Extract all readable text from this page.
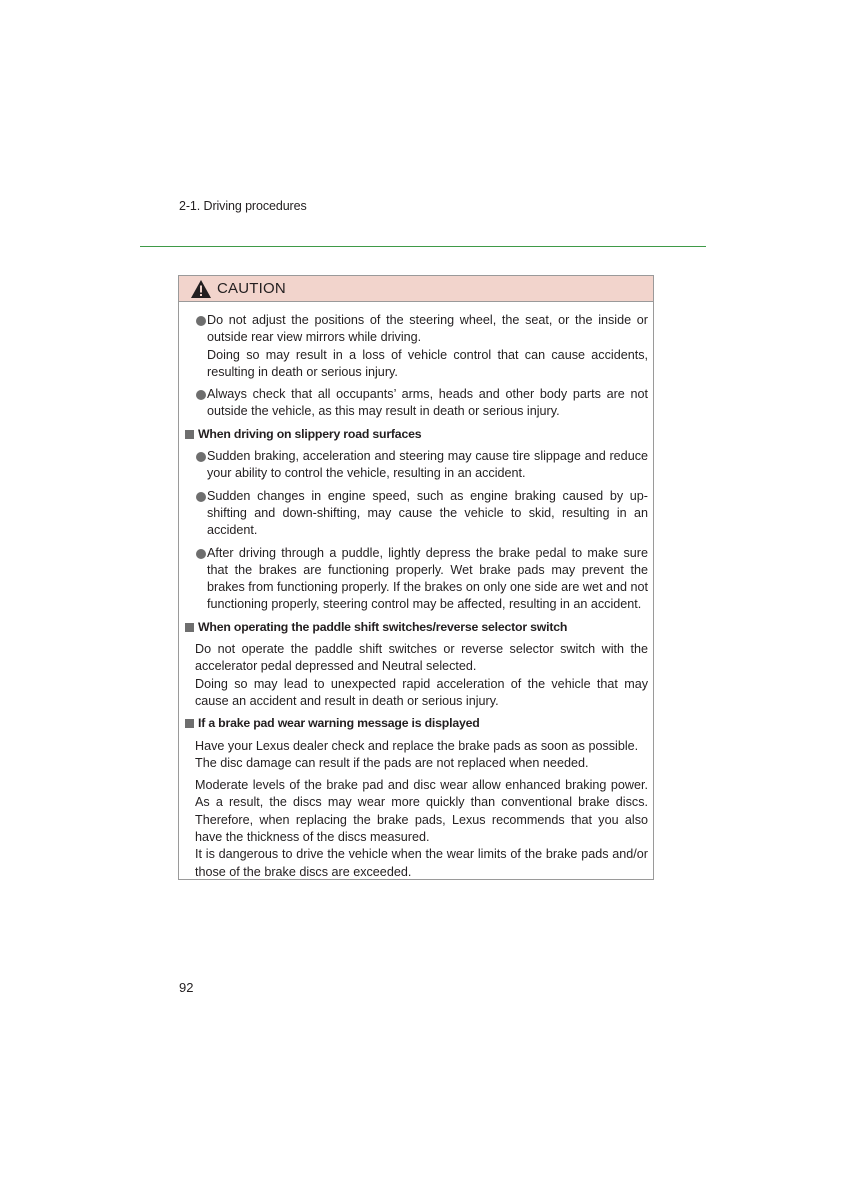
2-1. Driving procedures
CAUTION
Do not adjust the positions of the steering wheel, the seat, or the inside or outside rear view mirrors while driving.
Doing so may result in a loss of vehicle control that can cause accidents, resulting in death or serious injury.
Always check that all occupants’ arms, heads and other body parts are not outside the vehicle, as this may result in death or serious injury.
When driving on slippery road surfaces
Sudden braking, acceleration and steering may cause tire slippage and reduce your ability to control the vehicle, resulting in an accident.
Sudden changes in engine speed, such as engine braking caused by up-shifting and down-shifting, may cause the vehicle to skid, resulting in an accident.
After driving through a puddle, lightly depress the brake pedal to make sure that the brakes are functioning properly. Wet brake pads may prevent the brakes from functioning properly. If the brakes on only one side are wet and not functioning properly, steering control may be affected, resulting in an accident.
When operating the paddle shift switches/reverse selector switch
Do not operate the paddle shift switches or reverse selector switch with the accelerator pedal depressed and Neutral selected.
Doing so may lead to unexpected rapid acceleration of the vehicle that may cause an accident and result in death or serious injury.
If a brake pad wear warning message is displayed
Have your Lexus dealer check and replace the brake pads as soon as possible.
The disc damage can result if the pads are not replaced when needed.
Moderate levels of the brake pad and disc wear allow enhanced braking power. As a result, the discs may wear more quickly than conventional brake discs. Therefore, when replacing the brake pads, Lexus recommends that you also have the thickness of the discs measured.
It is dangerous to drive the vehicle when the wear limits of the brake pads and/or those of the brake discs are exceeded.
92
